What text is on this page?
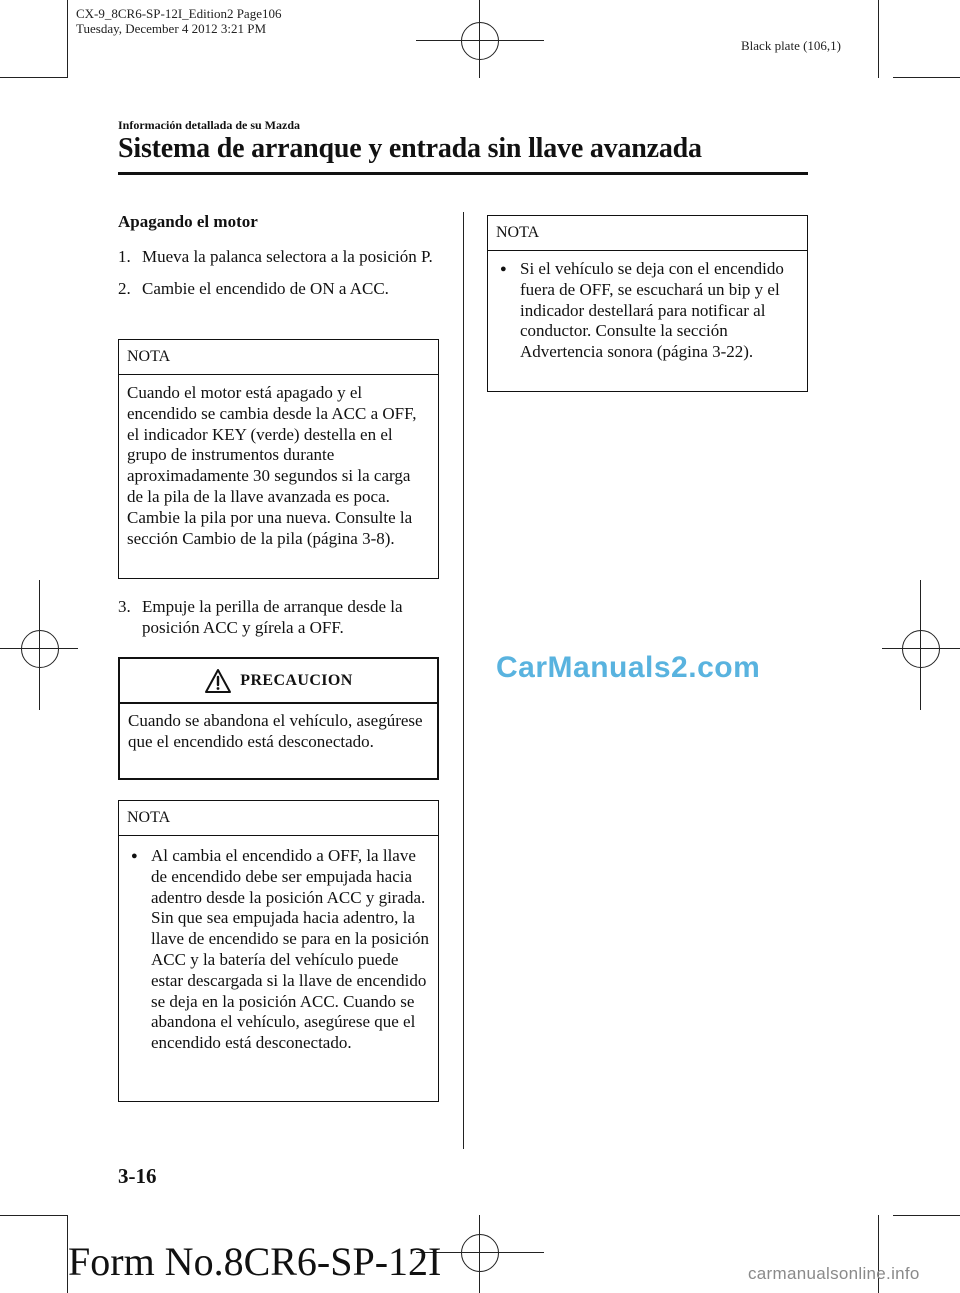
CX-9_8CR6-SP-12I_Edition2 Page106
Tuesday, December 4 2012 3:21 PM
Black plate (106,1)
Información detallada de su Mazda
Sistema de arranque y entrada sin llave avanzada
Apagando el motor
1. Mueva la palanca selectora a la posición P.
2. Cambie el encendido de ON a ACC.
NOTA
Cuando el motor está apagado y el encendido se cambia desde la ACC a OFF, el indicador KEY (verde) destella en el grupo de instrumentos durante aproximadamente 30 segundos si la carga de la pila de la llave avanzada es poca. Cambie la pila por una nueva. Consulte la sección Cambio de la pila (página 3-8).
3. Empuje la perilla de arranque desde la posición ACC y gírela a OFF.
PRECAUCION
Cuando se abandona el vehículo, asegúrese que el encendido está desconectado.
NOTA
● Al cambia el encendido a OFF, la llave de encendido debe ser empujada hacia adentro desde la posición ACC y girada. Sin que sea empujada hacia adentro, la llave de encendido se para en la posición ACC y la batería del vehículo puede estar descargada si la llave de encendido se deja en la posición ACC. Cuando se abandona el vehículo, asegúrese que el encendido está desconectado.
NOTA
● Si el vehículo se deja con el encendido fuera de OFF, se escuchará un bip y el indicador destellará para notificar al conductor. Consulte la sección Advertencia sonora (página 3-22).
CarManuals2.com
3-16
Form No.8CR6-SP-12I	carmanualsonline.info
